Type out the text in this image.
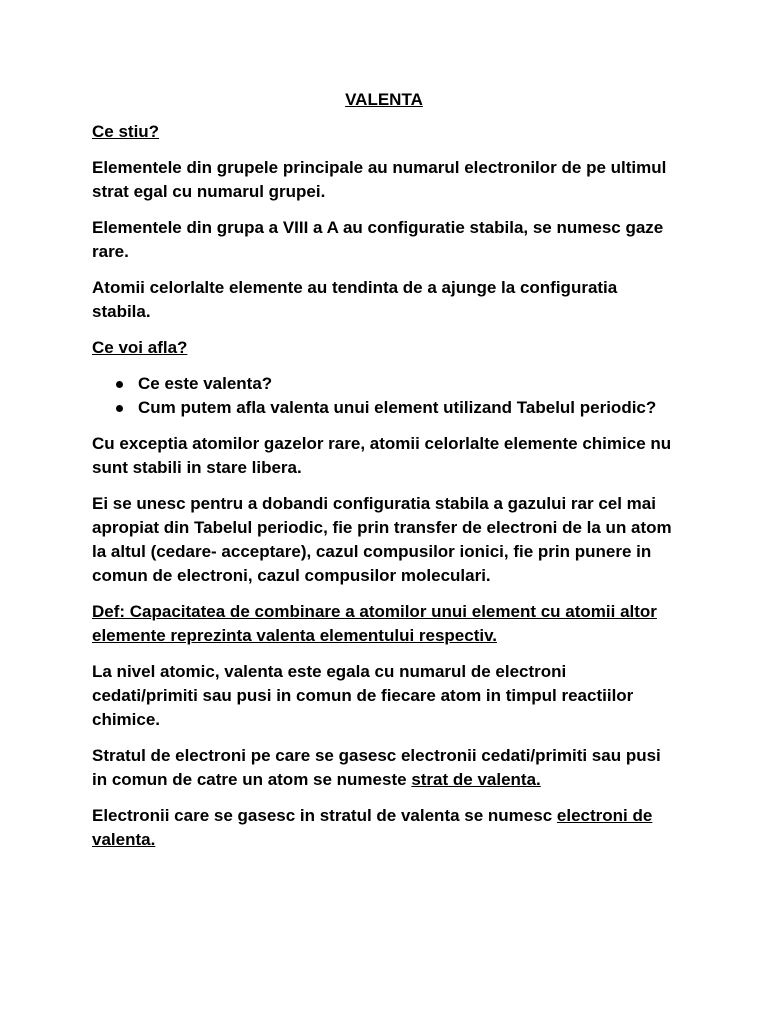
VALENTA

Ce stiu?

Elementele din grupele principale au numarul electronilor de pe ultimul strat egal cu numarul grupei.

Elementele din grupa a VIII a A au configuratie stabila, se numesc gaze rare.

Atomii celorlalte elemente au tendinta de a ajunge la configuratia stabila.

Ce voi afla?

Ce este valenta?
Cum putem afla valenta unui element utilizand Tabelul periodic?

Cu exceptia atomilor gazelor rare, atomii celorlalte elemente chimice nu sunt stabili in stare libera.

Ei se unesc pentru a dobandi configuratia stabila a gazului rar cel mai apropiat din Tabelul periodic, fie prin transfer de electroni de la un atom la altul (cedare- acceptare), cazul compusilor ionici, fie prin punere in comun de electroni, cazul compusilor moleculari.

Def: Capacitatea de combinare a atomilor unui element cu atomii altor elemente reprezinta valenta elementului respectiv.

La nivel atomic, valenta este egala cu numarul de electroni cedati/primiti sau pusi in comun de fiecare atom in timpul reactiilor chimice.

Stratul de electroni pe care se gasesc electronii cedati/primiti sau pusi in comun de catre un atom se numeste strat de valenta.

Electronii care se gasesc in stratul de valenta se numesc electroni de valenta.
